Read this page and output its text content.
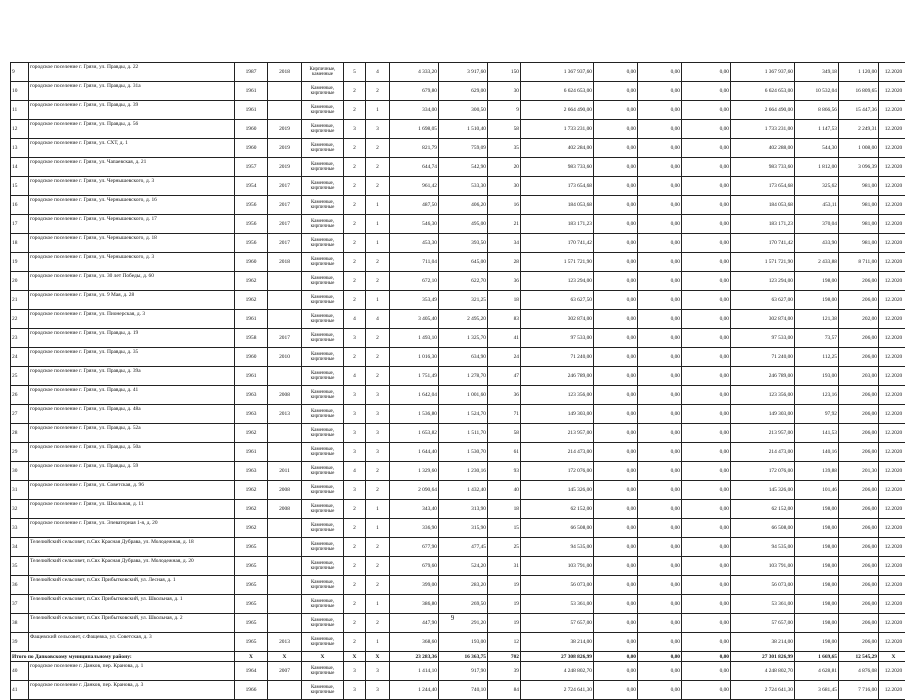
9	городское поселение г. Грязи, ул. Правды, д. 22	1987	2018	Кирпичные, каменные	5	4	4 333,20	3 917,60	150	1 367 937,60	0,00	0,00	0,00	1 367 937,60	349,18	1 120,00	12.2020
10	городское поселение г. Грязи, ул. Правды, д. 31а	1961		Каменные, кирпичные	2	2	679,80	629,00	30	6 624 653,00	0,00	0,00	0,00	6 624 653,00	10 532,04	16 809,65	12.2020
11	городское поселение г. Грязи, ул. Правды, д. 39	1961		Каменные, кирпичные	2	1	334,00	300,50	9	2 664 490,00	0,00	0,00	0,00	2 664 490,00	8 866,56	15 447,36	12.2020
12	городское поселение г. Грязи, ул. Правды, д. 56	1960	2019	Каменные, кирпичные	3	3	1 698,05	1 510,40	58	1 733 231,00	0,00	0,00	0,00	1 733 231,00	1 147,53	2 249,31	12.2020
13	городское поселение г. Грязи, ул. СХТ, д. 1	1960	2019	Каменные, кирпичные	2	2	821,79	759,09	35	402 284,00	0,00	0,00	0,00	402 288,00	544,30	1 008,00	12.2020
14	городское поселение г. Грязи, ул. Чапаевская, д. 21	1957	2019	Каменные, кирпичные	2	2	644,74	542,90	20	983 733,60	0,00	0,00	0,00	983 733,60	1 812,00	3 096,39	12.2020
15	городское поселение г. Грязи, ул. Чернышевского, д. 3	1954	2017	Каменные, кирпичные	2	2	961,42	533,30	30	173 654,68	0,00	0,00	0,00	173 654,68	325,62	981,00	12.2020
16	городское поселение г. Грязи, ул. Чернышевского, д. 16	1956	2017	Каменные, кирпичные	2	1	487,50	406,20	16	184 053,68	0,00	0,00	0,00	184 053,68	453,11	981,00	12.2020
17	городское поселение г. Грязи, ул. Чернышевского, д. 17	1956	2017	Каменные, кирпичные	2	1	546,30	495,00	21	183 171,23	0,00	0,00	0,00	183 171,23	370,04	981,00	12.2020
18	городское поселение г. Грязи, ул. Чернышевского, д. 18	1956	2017	Каменные, кирпичные	2	1	453,30	393,50	34	170 741,42	0,00	0,00	0,00	170 741,42	433,90	981,00	12.2020
19	городское поселение г. Грязи, ул. Чернышевского, д. 3	1960	2018	Каменные, кирпичные	2	2	711,04	645,00	28	1 571 721,90	0,00	0,00	0,00	1 571 721,90	2 433,88	8 711,00	12.2020
20	городское поселение г. Грязи, ул. 30 лет Победы, д. 60	1962		Каменные, кирпичные	2	2	672,10	622,70	36	123 294,00	0,00	0,00	0,00	123 294,00	198,00	206,00	12.2020
21	городское поселение г. Грязи, ул. 9 Мая, д. 28	1962		Каменные, кирпичные	2	1	353,49	321,25	18	63 627,50	0,00	0,00	0,00	63 627,00	198,00	206,00	12.2020
22	городское поселение г. Грязи, ул. Пионерская, д. 3	1961		Каменные, кирпичные	4	4	3 405,40	2 495,20	83	302 874,00	0,00	0,00	0,00	302 874,00	121,38	202,00	12.2020
23	городское поселение г. Грязи, ул. Правды, д. 19	1958	2017	Каменные, кирпичные	3	2	1 493,10	1 325,70	41	97 533,00	0,00	0,00	0,00	97 533,00	73,57	206,00	12.2020
24	городское поселение г. Грязи, ул. Правды, д. 35	1960	2010	Каменные, кирпичные	2	2	1 016,30	634,90	24	71 240,00	0,00	0,00	0,00	71 240,00	112,25	206,00	12.2020
25	городское поселение г. Грязи, ул. Правды, д. 39а	1961		Каменные, кирпичные	4	2	1 751,49	1 278,70	47	246 789,00	0,00	0,00	0,00	246 789,00	193,00	203,00	12.2020
26	городское поселение г. Грязи, ул. Правды, д. 41	1963	2008	Каменные, кирпичные	3	3	1 642,04	1 001,60	36	123 356,00	0,00	0,00	0,00	123 356,00	123,16	206,00	12.2020
27	городское поселение г. Грязи, ул. Правды, д. 48а	1963	2013	Каменные, кирпичные	3	3	1 536,80	1 524,70	71	149 303,00	0,00	0,00	0,00	149 303,00	97,92	206,00	12.2020
28	городское поселение г. Грязи, ул. Правды, д. 52а	1962		Каменные, кирпичные	3	3	1 653,82	1 511,70	58	213 957,00	0,00	0,00	0,00	213 957,00	141,53	206,00	12.2020
29	городское поселение г. Грязи, ул. Правды, д. 50а	1961		Каменные, кирпичные	3	3	1 644,40	1 530,70	61	214 473,00	0,00	0,00	0,00	214 473,00	140,16	206,00	12.2020
30	городское поселение г. Грязи, ул. Правды, д. 59	1963	2011	Каменные, кирпичные	4	2	1 329,60	1 230,16	93	172 076,00	0,00	0,00	0,00	172 076,00	139,88	201,30	12.2020
31	городское поселение г. Грязи, ул. Советская, д. 96	1962	2008	Каменные, кирпичные	3	2	2 090,64	1 432,40	40	145 326,00	0,00	0,00	0,00	145 326,00	101,46	206,00	12.2020
32	городское поселение г. Грязи, ул. Школьная, д. 11	1962	2008	Каменные, кирпичные	2	1	343,40	313,90	18	62 152,00	0,00	0,00	0,00	62 152,00	198,00	206,00	12.2020
33	городское поселение г. Грязи, ул. Элеваторная 1-я, д. 20	1962		Каменные, кирпичные	2	1	336,90	315,90	15	66 508,00	0,00	0,00	0,00	66 508,00	198,00	206,00	12.2020
34	Телелюйский сельсовет, п.Свх Красная Дубрава, ул. Молодежная, д. 18	1965		Каменные, кирпичные	2	2	677,90	477,45	25	94 535,00	0,00	0,00	0,00	94 535,00	198,00	206,00	12.2020
35	Телелюйский сельсовет, п.Свх Красная Дубрава, ул. Молодежная, д. 20	1965		Каменные, кирпичные	2	2	679,60	524,20	31	103 791,00	0,00	0,00	0,00	103 791,00	198,00	206,00	12.2020
36	Телелюйский сельсовет, п.Свх Прибытковский, ул. Лесная, д. 1	1965		Каменные, кирпичные	2	2	399,00	283,20	19	56 073,00	0,00	0,00	0,00	56 073,00	198,00	206,00	12.2020
37	Телелюйский сельсовет, п.Свх Прибытковский, ул. Школьная, д. 1	1965		Каменные, кирпичные	2	1	386,80	269,50	19	53 361,00	0,00	0,00	0,00	53 361,00	198,00	206,00	12.2020
38	Телелюйский сельсовет, п.Свх Прибытковский, ул. Школьная, д. 2	1965		Каменные, кирпичные	2	2	447,90	291,20	19	57 657,00	0,00	0,00	0,00	57 657,00	198,00	206,00	12.2020
39	Фащевский сельсовет, с.Фащевка, ул. Советская, д. 3	1965	2013	Каменные, кирпичные	2	1	368,60	193,00	12	38 214,00	0,00	0,00	0,00	38 214,00	198,00	206,00	12.2020
Итого по Дanковскому муниципальному району:		X	X	X	X	X	23 283,36	16 363,75	702	27 308 826,99	0,00	0,00	0,00	27 301 826,99	1 669,65	12 545,29	X
40	городское поселение г. Данков, пер. Кранова, д. 1	1964	2007	Каменные, кирпичные	3	3	1 414,10	917,90	39	4 248 802,70	0,00	0,00	0,00	4 248 802,70	4 628,81	4 876,08	12.2020
41	городское поселение г. Данков, пер. Кранова, д. 3	1966		Каменные, кирпичные	3	3	1 244,40	740,10	84	2 724 641,30	0,00	0,00	0,00	2 724 641,30	3 681,45	7 716,00	12.2020
9
